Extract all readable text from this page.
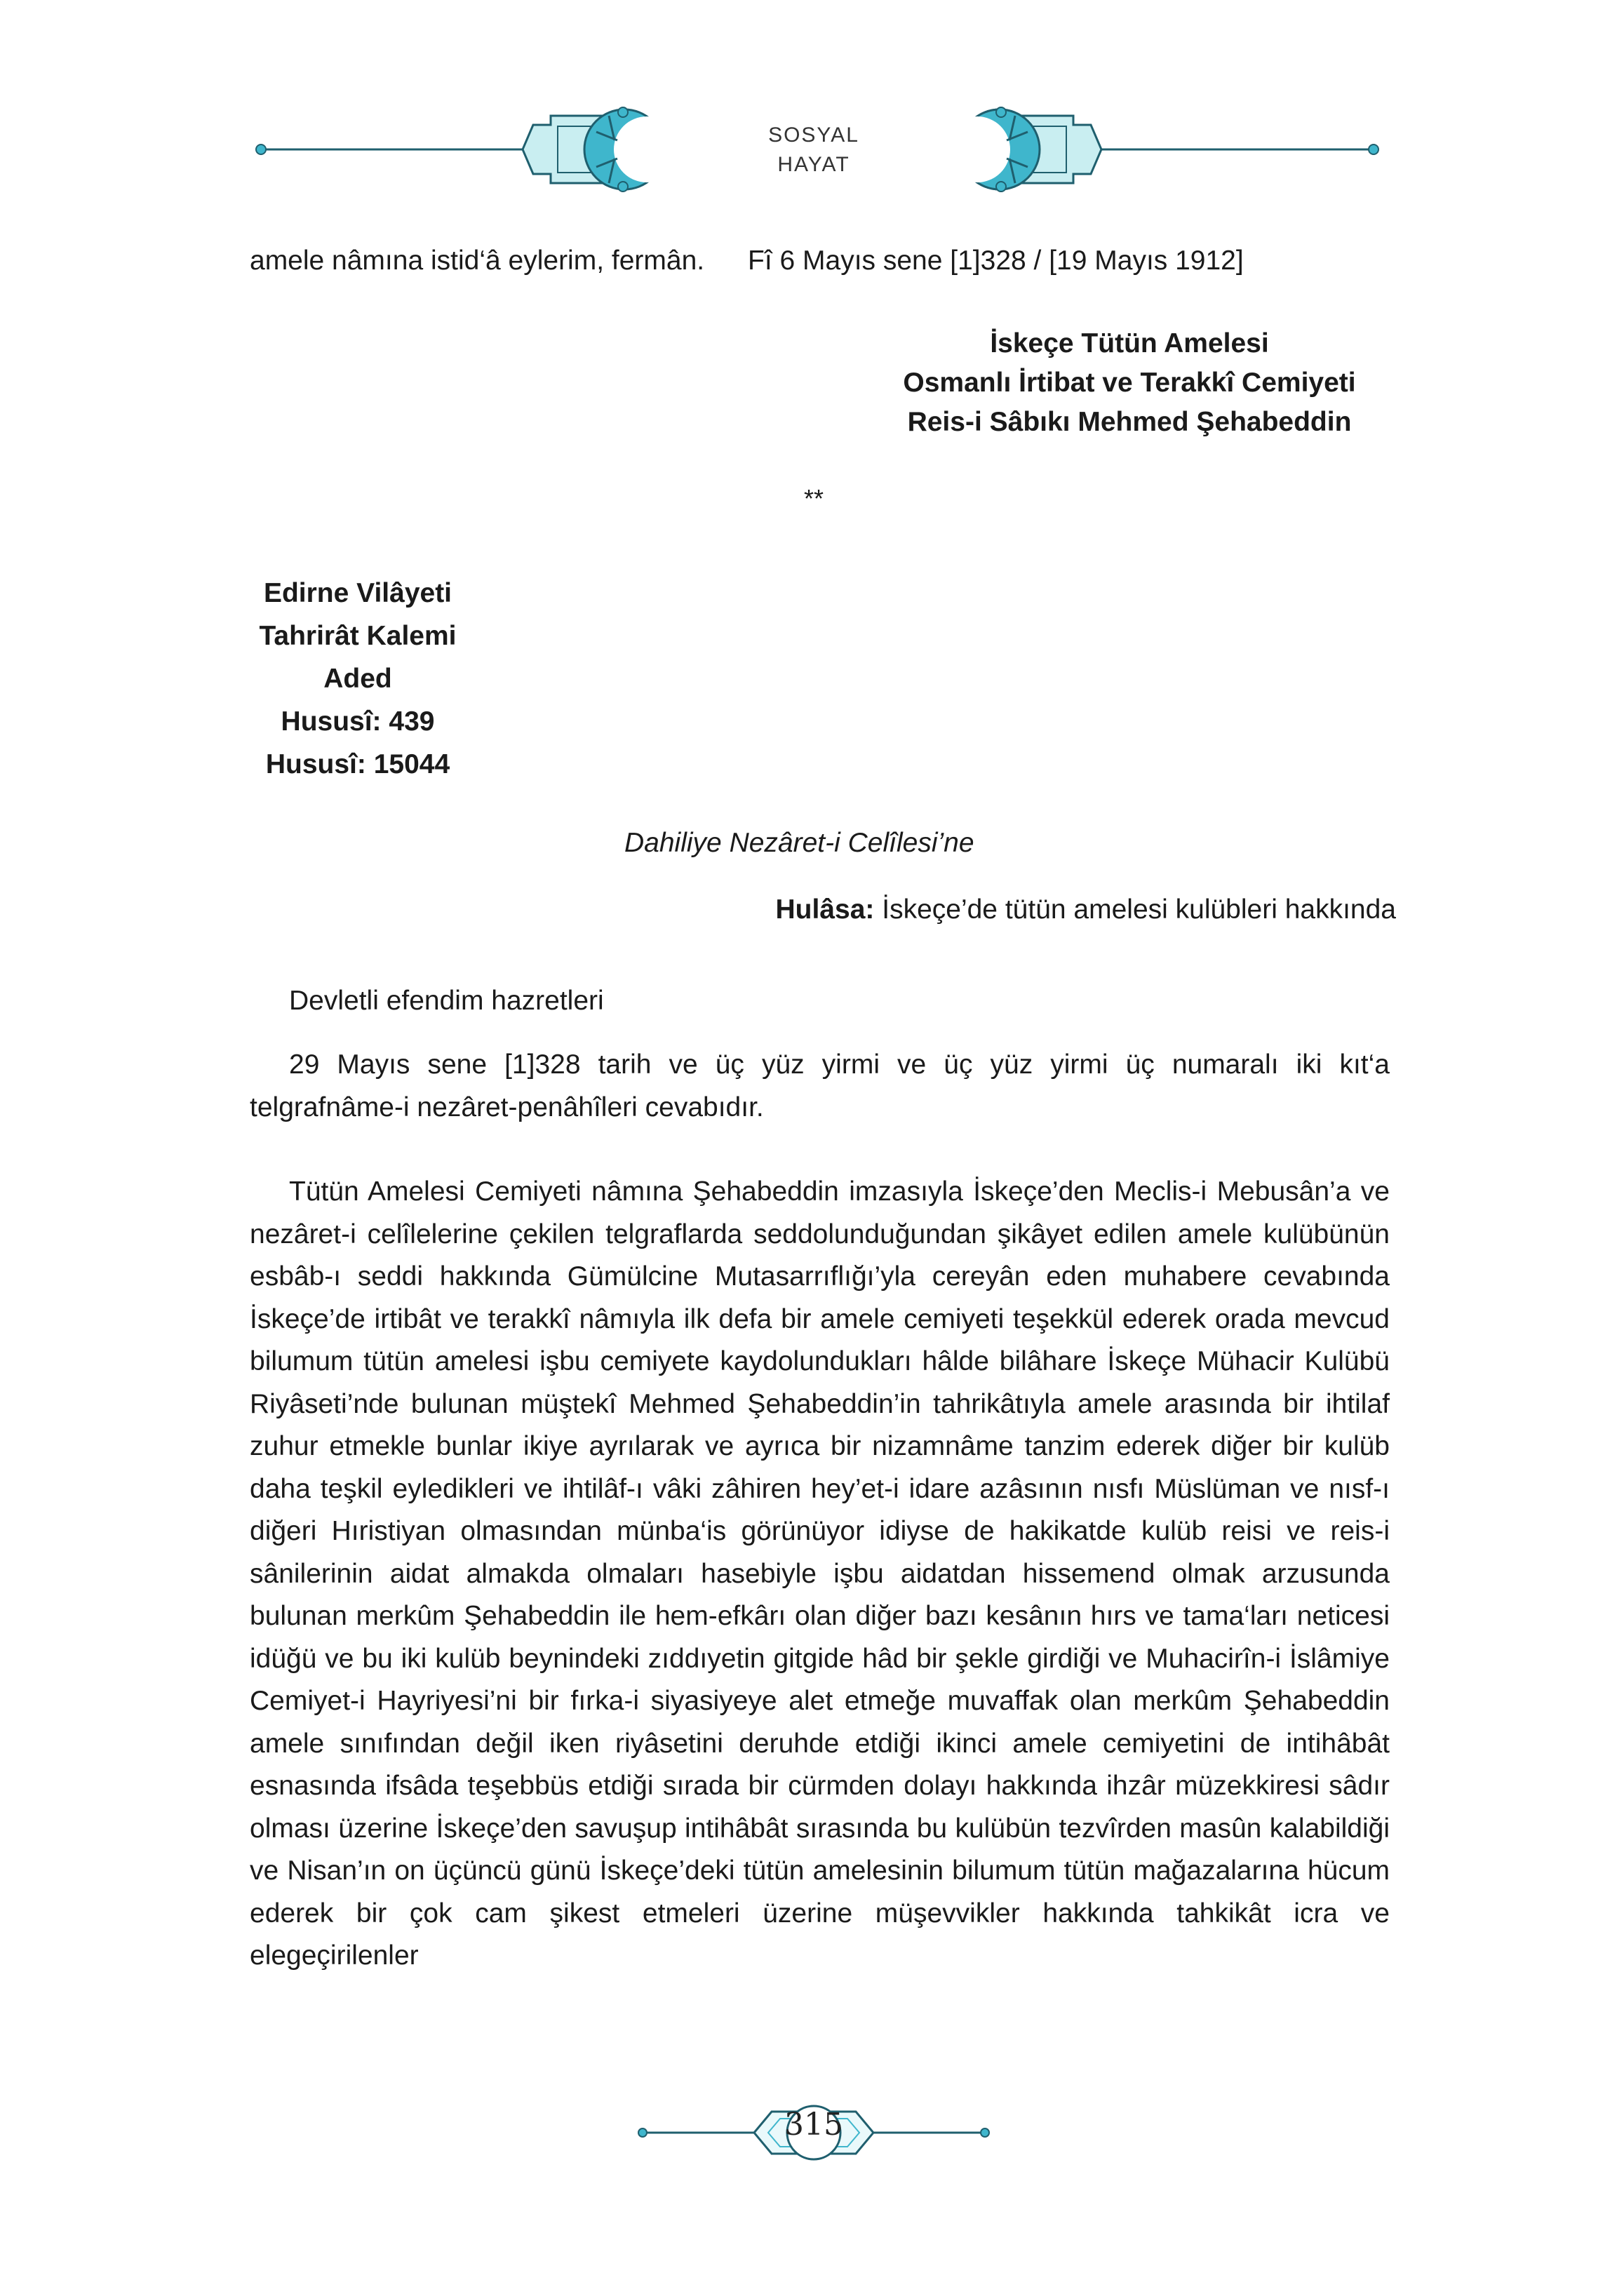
SOSYAL
HAYAT
amele nâmına istid‘â eylerim, fermân. Fî 6 Mayıs sene [1]328 / [19 Mayıs 1912]
İskeçe Tütün Amelesi
Osmanlı İrtibat ve Terakkî Cemiyeti
Reis-i Sâbıkı Mehmed Şehabeddin
**
Edirne Vilâyeti
Tahrirât Kalemi
Aded
Hususî: 439
Hususî: 15044
Dahiliye Nezâret-i Celîlesi’ne
Hulâsa: İskeçe’de tütün amelesi kulübleri hakkında
Devletli efendim hazretleri
29 Mayıs sene [1]328 tarih ve üç yüz yirmi ve üç yüz yirmi üç numaralı iki kıt‘a telgrafnâme-i nezâret-penâhîleri cevabıdır.
Tütün Amelesi Cemiyeti nâmına Şehabeddin imzasıyla İskeçe’den Meclis-i Mebusân’a ve nezâret-i celîlelerine çekilen telgraflarda seddolunduğundan şikâyet edilen amele kulübünün esbâb-ı seddi hakkında Gümülcine Mutasarrıflığı’yla cereyân eden muhabere cevabında İskeçe’de irtibât ve terakkî nâmıyla ilk defa bir amele cemiyeti teşekkül ederek orada mevcud bilumum tütün amelesi işbu cemiyete kaydolundukları hâlde bilâhare İskeçe Mühacir Kulübü Riyâseti’nde bulunan müştekî Mehmed Şehabeddin’in tahrikâtıyla amele arasında bir ihtilaf zuhur etmekle bunlar ikiye ayrılarak ve ayrıca bir nizamnâme tanzim ederek diğer bir kulüb daha teşkil eyledikleri ve ihtilâf-ı vâki zâhiren hey’et-i idare azâsının nısfı Müslüman ve nısf-ı diğeri Hıristiyan olmasından münba‘is görünüyor idiyse de hakikatde kulüb reisi ve reis-i sânilerinin aidat almakda olmaları hasebiyle işbu aidatdan hissemend olmak arzusunda bulunan merkûm Şehabeddin ile hem-efkârı olan diğer bazı kesânın hırs ve tama‘ları neticesi idüğü ve bu iki kulüb beynindeki zıddıyetin gitgide hâd bir şekle girdiği ve Muhacirîn-i İslâmiye Cemiyet-i Hayriyesi’ni bir fırka-i siyasiyeye alet etmeğe muvaffak olan merkûm Şehabeddin amele sınıfından değil iken riyâsetini deruhde etdiği ikinci amele cemiyetini de intihâbât esnasında ifsâda teşebbüs etdiği sırada bir cürmden dolayı hakkında ihzâr müzekkiresi sâdır olması üzerine İskeçe’den savuşup intihâbât sırasında bu kulübün tezvîrden masûn kalabildiği ve Nisan’ın on üçüncü günü İskeçe’deki tütün amelesinin bilumum tütün mağazalarına hücum ederek bir çok cam şikest etmeleri üzerine müşevvikler hakkında tahkikât icra ve elegeçirilenler
315
